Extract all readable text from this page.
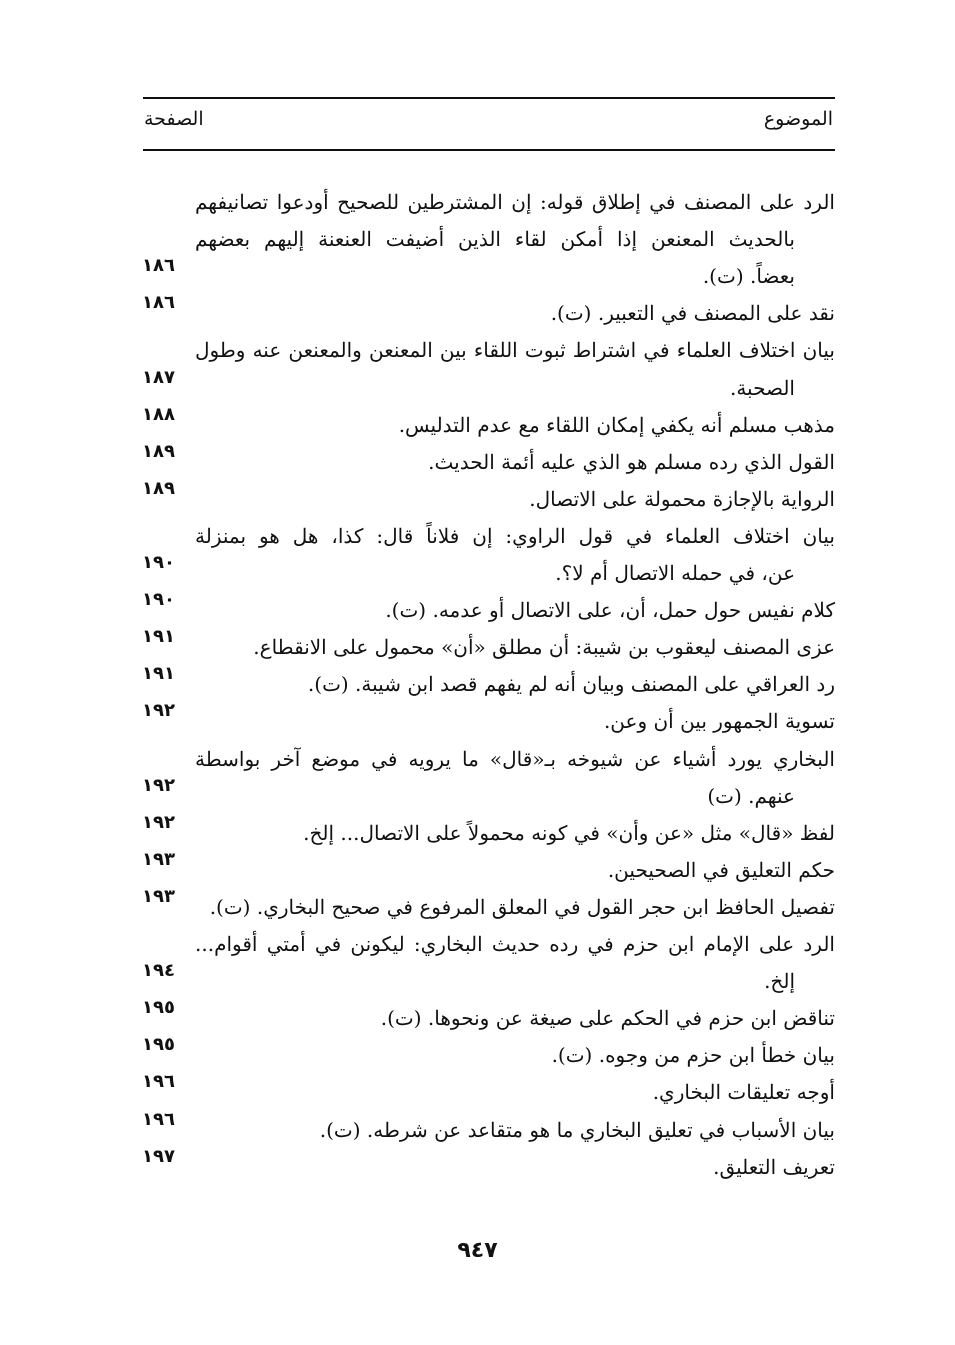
الموضوع
الصفحة
الرد على المصنف في إطلاق قوله: إن المشترطين للصحيح أودعوا تصانيفهم
بالحديث المعنعن إذا أمكن لقاء الذين أضيفت العنعنة إليهم بعضهم
بعضاً. (ت).
١٨٦
نقد على المصنف في التعبير. (ت).
١٨٦
بيان اختلاف العلماء في اشتراط ثبوت اللقاء بين المعنعن والمعنعن عنه وطول
الصحبة.
١٨٧
مذهب مسلم أنه يكفي إمكان اللقاء مع عدم التدليس.
١٨٨
القول الذي رده مسلم هو الذي عليه أئمة الحديث.
١٨٩
الرواية بالإجازة محمولة على الاتصال.
١٨٩
بيان اختلاف العلماء في قول الراوي: إن فلاناً قال: كذا، هل هو بمنزلة
عن، في حمله الاتصال أم لا؟.
١٩٠
كلام نفيس حول حمل، أن، على الاتصال أو عدمه. (ت).
١٩٠
عزى المصنف ليعقوب بن شيبة: أن مطلق «أن» محمول على الانقطاع.
١٩١
رد العراقي على المصنف وبيان أنه لم يفهم قصد ابن شيبة. (ت).
١٩١
تسوية الجمهور بين أن وعن.
١٩٢
البخاري يورد أشياء عن شيوخه بـ«قال» ما يرويه في موضع آخر بواسطة
عنهم. (ت)
١٩٢
لفظ «قال» مثل «عن وأن» في كونه محمولاً على الاتصال... إلخ.
١٩٢
حكم التعليق في الصحيحين.
١٩٣
تفصيل الحافظ ابن حجر القول في المعلق المرفوع في صحيح البخاري. (ت).
١٩٣
الرد على الإمام ابن حزم في رده حديث البخاري: ليكونن في أمتي أقوام...
إلخ.
١٩٤
تناقض ابن حزم في الحكم على صيغة عن ونحوها. (ت).
١٩٥
بيان خطأ ابن حزم من وجوه. (ت).
١٩٥
أوجه تعليقات البخاري.
١٩٦
بيان الأسباب في تعليق البخاري ما هو متقاعد عن شرطه. (ت).
١٩٦
تعريف التعليق.
١٩٧
٩٤٧
